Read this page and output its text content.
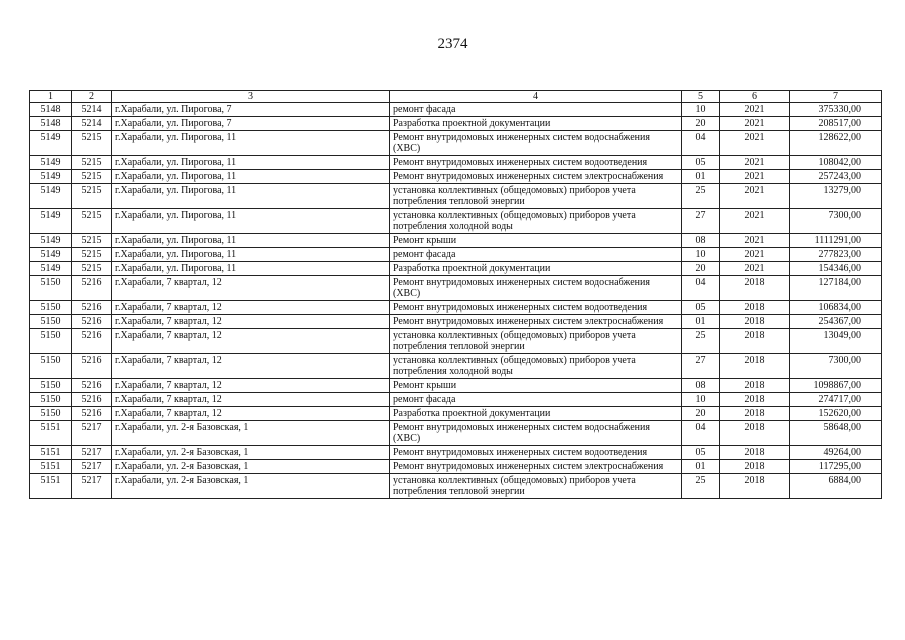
2374
1	2	3	4	5	6	7
5148	5214	г.Харабали, ул. Пирогова, 7	ремонт фасада	10	2021	375330,00
5148	5214	г.Харабали, ул. Пирогова, 7	Разработка проектной документации	20	2021	208517,00
5149	5215	г.Харабали, ул. Пирогова, 11	Ремонт внутридомовых инженерных систем водоснабжения (ХВС)	04	2021	128622,00
5149	5215	г.Харабали, ул. Пирогова, 11	Ремонт внутридомовых инженерных систем водоотведения	05	2021	108042,00
5149	5215	г.Харабали, ул. Пирогова, 11	Ремонт внутридомовых инженерных систем электроснабжения	01	2021	257243,00
5149	5215	г.Харабали, ул. Пирогова, 11	установка коллективных (общедомовых) приборов учета потребления тепловой энергии	25	2021	13279,00
5149	5215	г.Харабали, ул. Пирогова, 11	установка коллективных (общедомовых) приборов учета потребления холодной воды	27	2021	7300,00
5149	5215	г.Харабали, ул. Пирогова, 11	Ремонт крыши	08	2021	1111291,00
5149	5215	г.Харабали, ул. Пирогова, 11	ремонт фасада	10	2021	277823,00
5149	5215	г.Харабали, ул. Пирогова, 11	Разработка проектной документации	20	2021	154346,00
5150	5216	г.Харабали, 7 квартал, 12	Ремонт внутридомовых инженерных систем водоснабжения (ХВС)	04	2018	127184,00
5150	5216	г.Харабали, 7 квартал, 12	Ремонт внутридомовых инженерных систем водоотведения	05	2018	106834,00
5150	5216	г.Харабали, 7 квартал, 12	Ремонт внутридомовых инженерных систем электроснабжения	01	2018	254367,00
5150	5216	г.Харабали, 7 квартал, 12	установка коллективных (общедомовых) приборов учета потребления тепловой энергии	25	2018	13049,00
5150	5216	г.Харабали, 7 квартал, 12	установка коллективных (общедомовых) приборов учета потребления холодной воды	27	2018	7300,00
5150	5216	г.Харабали, 7 квартал, 12	Ремонт крыши	08	2018	1098867,00
5150	5216	г.Харабали, 7 квартал, 12	ремонт фасада	10	2018	274717,00
5150	5216	г.Харабали, 7 квартал, 12	Разработка проектной документации	20	2018	152620,00
5151	5217	г.Харабали, ул. 2-я Базовская, 1	Ремонт внутридомовых инженерных систем водоснабжения (ХВС)	04	2018	58648,00
5151	5217	г.Харабали, ул. 2-я Базовская, 1	Ремонт внутридомовых инженерных систем водоотведения	05	2018	49264,00
5151	5217	г.Харабали, ул. 2-я Базовская, 1	Ремонт внутридомовых инженерных систем электроснабжения	01	2018	117295,00
5151	5217	г.Харабали, ул. 2-я Базовская, 1	установка коллективных (общедомовых) приборов учета потребления тепловой энергии	25	2018	6884,00
